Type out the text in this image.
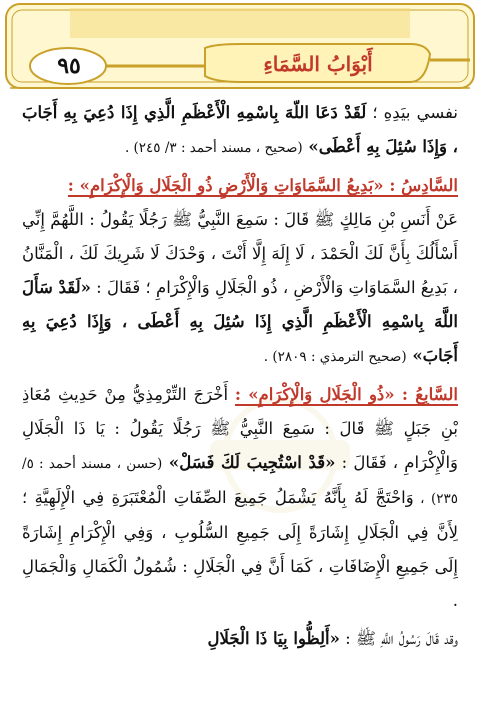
٩٥	أَبْوَابُ السَّمَاءِ

نفسي بيَدِهِ ؛ لَقَدْ دَعَا اللّهَ بِاسْمِهِ الْأَعْظَمِ الَّذِي إِذَا دُعِيَ بِهِ أَجَابَ ، وَإِذَا سُئِلَ بِهِ أَعْطَى» (صحيح ، مسند أحمد : ٣/ ٢٤٥) .

السَّادِسُ : «بَدِيعُ السَّمَاوَاتِ وَالْأَرْضِ ذُو الْجَلَالِ وَالْإِكْرَامِ» :
عَنْ أَنَسِ بْنِ مَالِكٍ ﷺ قَالَ : سَمِعَ النَّبِيُّ ﷺ رَجُلًا يَقُولُ : اللَّهُمَّ إِنِّي أَسْأَلُكَ بِأَنَّ لَكَ الْحَمْدَ ، لَا إِلَهَ إِلَّا أَنْتَ ، وَحْدَكَ لَا شَرِيكَ لَكَ ، الْمَنَّانُ ، بَدِيعُ السَّمَاوَاتِ وَالْأَرْضِ ، ذُو الْجَلَالِ وَالْإِكْرَامِ ؛ فَقَالَ : «لَقَدْ سَأَلَ اللَّهَ بِاسْمِهِ الْأَعْظَمِ الَّذِي إِذَا سُئِلَ بِهِ أَعْطَى ، وَإِذَا دُعِيَ بِهِ أَجَابَ» (صحيح الترمذي : ٢٨٠٩) .

السَّابِعُ : «ذُو الْجَلَالِ وَالْإِكْرَامِ» : أَخْرَجَ التِّرْمِذِيُّ مِنْ حَدِيثِ مُعَاذِ بْنِ جَبَلٍ ﷺ قَالَ : سَمِعَ النَّبِيُّ ﷺ رَجُلًا يَقُولُ : يَا ذَا الْجَلَالِ وَالْإِكْرَامِ ، فَقَالَ : «قَدْ اسْتُجِيبَ لَكَ فَسَلْ» (حسن ، مسند أحمد : ٥/ ٢٣٥) ، وَاحْتَجَّ لَهُ بِأَنَّهُ يَشْمَلُ جَمِيعَ الصِّفَاتِ الْمُعْتَبَرَةِ فِي الْإِلَهِيَّةِ ؛ لِأَنَّ فِي الْجَلَالِ إِشَارَةً إِلَى جَمِيعِ السُّلُوبِ ، وَفِي الْإِكْرَامِ إِشَارَةً إِلَى جَمِيعِ الْإِضَافَاتِ ، كَمَا أَنَّ فِي الْجَلَالِ : شُمُولُ الْكَمَالِ وَالْجَمَالِ .

وقد قَالَ رَسُولُ اللَّهِ ﷺ : «أَلِظُّوا بِيَا ذَا الْجَلَالِ
